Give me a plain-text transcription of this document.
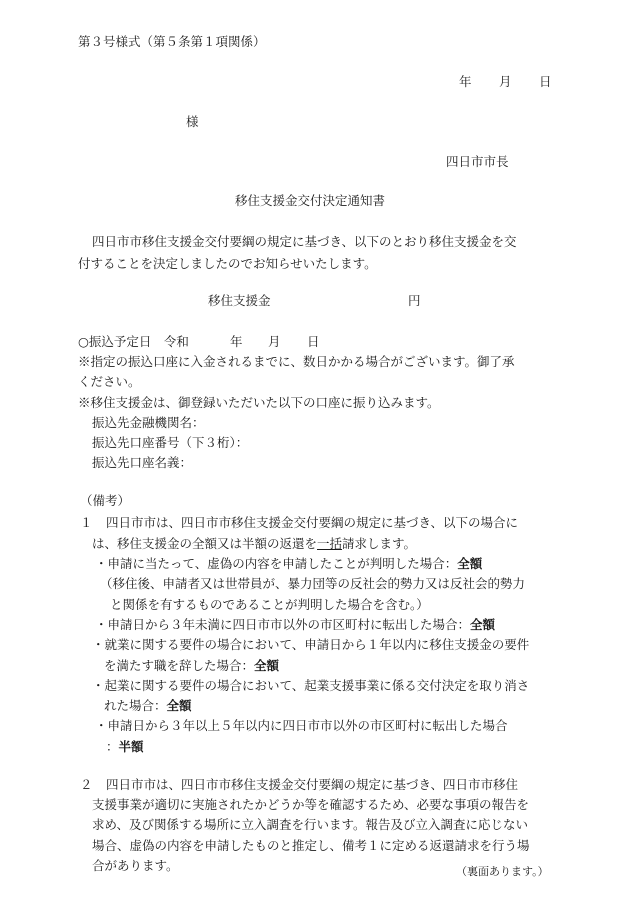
第３号様式（第５条第１項関係）
年 月 日
様
四日市市長
移住支援金交付決定通知書
四日市市移住支援金交付要綱の規定に基づき、以下のとおり移住支援金を交
付することを決定しましたのでお知らせいたします。
移住支援金	円
○振込予定日　令和	年 月 日
※指定の振込口座に入金されるまでに、数日かかる場合がございます。御了承
ください。
※移住支援金は、御登録いただいた以下の口座に振り込みます。
振込先金融機関名：
振込先口座番号（下３桁）：
振込先口座名義：
（備考）
１ 四日市市は、四日市市移住支援金交付要綱の規定に基づき、以下の場合に
は、移住支援金の全額又は半額の返還を一括請求します。
・申請に当たって、虚偽の内容を申請したことが判明した場合：全額
（移住後、申請者又は世帯員が、暴力団等の反社会的勢力又は反社会的勢力
と関係を有するものであることが判明した場合を含む。）
・申請日から３年未満に四日市市以外の市区町村に転出した場合：全額
・就業に関する要件の場合において、申請日から１年以内に移住支援金の要件
を満たす職を辞した場合：全額
・起業に関する要件の場合において、起業支援事業に係る交付決定を取り消さ
れた場合：全額
・申請日から３年以上５年以内に四日市市以外の市区町村に転出した場合
：半額
２ 四日市市は、四日市市移住支援金交付要綱の規定に基づき、四日市市移住
支援事業が適切に実施されたかどうか等を確認するため、必要な事項の報告を
求め、及び関係する場所に立入調査を行います。報告及び立入調査に応じない
場合、虚偽の内容を申請したものと推定し、備考１に定める返還請求を行う場
合があります。	（裏面あります。）
